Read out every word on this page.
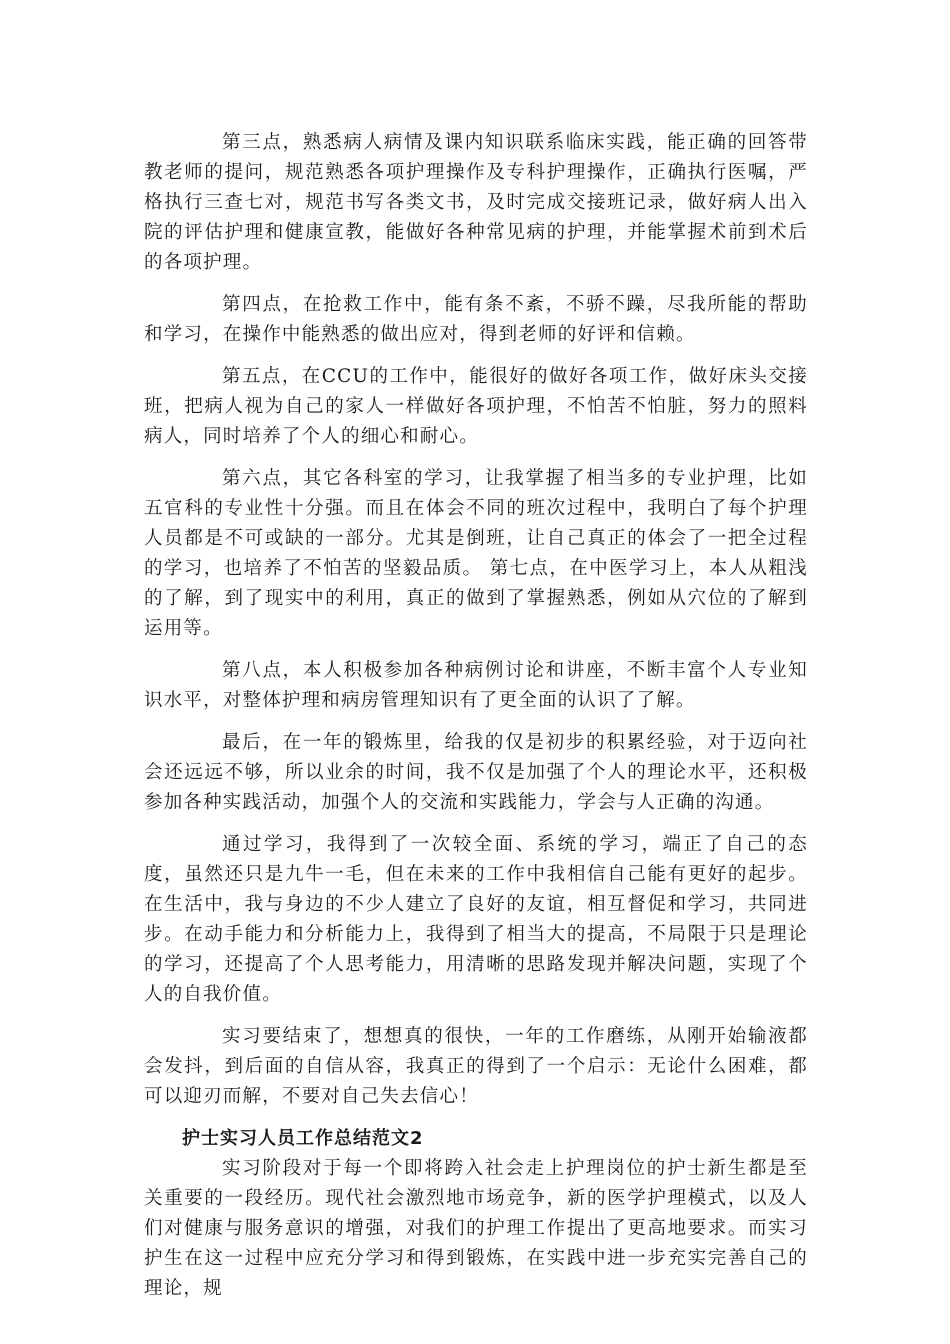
第三点，熟悉病人病情及课内知识联系临床实践，能正确的回答带教老师的提问，规范熟悉各项护理操作及专科护理操作，正确执行医嘱，严格执行三查七对，规范书写各类文书，及时完成交接班记录，做好病人出入院的评估护理和健康宣教，能做好各种常见病的护理，并能掌握术前到术后的各项护理。

第四点，在抢救工作中，能有条不紊，不骄不躁，尽我所能的帮助和学习，在操作中能熟悉的做出应对，得到老师的好评和信赖。

第五点，在CCU的工作中，能很好的做好各项工作，做好床头交接班，把病人视为自己的家人一样做好各项护理，不怕苦不怕脏，努力的照料病人，同时培养了个人的细心和耐心。

第六点，其它各科室的学习，让我掌握了相当多的专业护理，比如五官科的专业性十分强。而且在体会不同的班次过程中，我明白了每个护理人员都是不可或缺的一部分。尤其是倒班，让自己真正的体会了一把全过程的学习，也培养了不怕苦的坚毅品质。 第七点，在中医学习上，本人从粗浅的了解，到了现实中的利用，真正的做到了掌握熟悉，例如从穴位的了解到运用等。

第八点，本人积极参加各种病例讨论和讲座，不断丰富个人专业知识水平，对整体护理和病房管理知识有了更全面的认识了了解。

最后，在一年的锻炼里，给我的仅是初步的积累经验，对于迈向社会还远远不够，所以业余的时间，我不仅是加强了个人的理论水平，还积极参加各种实践活动，加强个人的交流和实践能力，学会与人正确的沟通。

通过学习，我得到了一次较全面、系统的学习，端正了自己的态度，虽然还只是九牛一毛，但在未来的工作中我相信自己能有更好的起步。在生活中，我与身边的不少人建立了良好的友谊，相互督促和学习，共同进步。在动手能力和分析能力上，我得到了相当大的提高，不局限于只是理论的学习，还提高了个人思考能力，用清晰的思路发现并解决问题，实现了个人的自我价值。

实习要结束了，想想真的很快，一年的工作磨练，从刚开始输液都会发抖，到后面的自信从容，我真正的得到了一个启示：无论什么困难，都可以迎刃而解，不要对自己失去信心！

护士实习人员工作总结范文2

实习阶段对于每一个即将跨入社会走上护理岗位的护士新生都是至关重要的一段经历。现代社会激烈地市场竞争，新的医学护理模式，以及人们对健康与服务意识的增强，对我们的护理工作提出了更高地要求。而实习护生在这一过程中应充分学习和得到锻炼，在实践中进一步充实完善自己的理论，规
